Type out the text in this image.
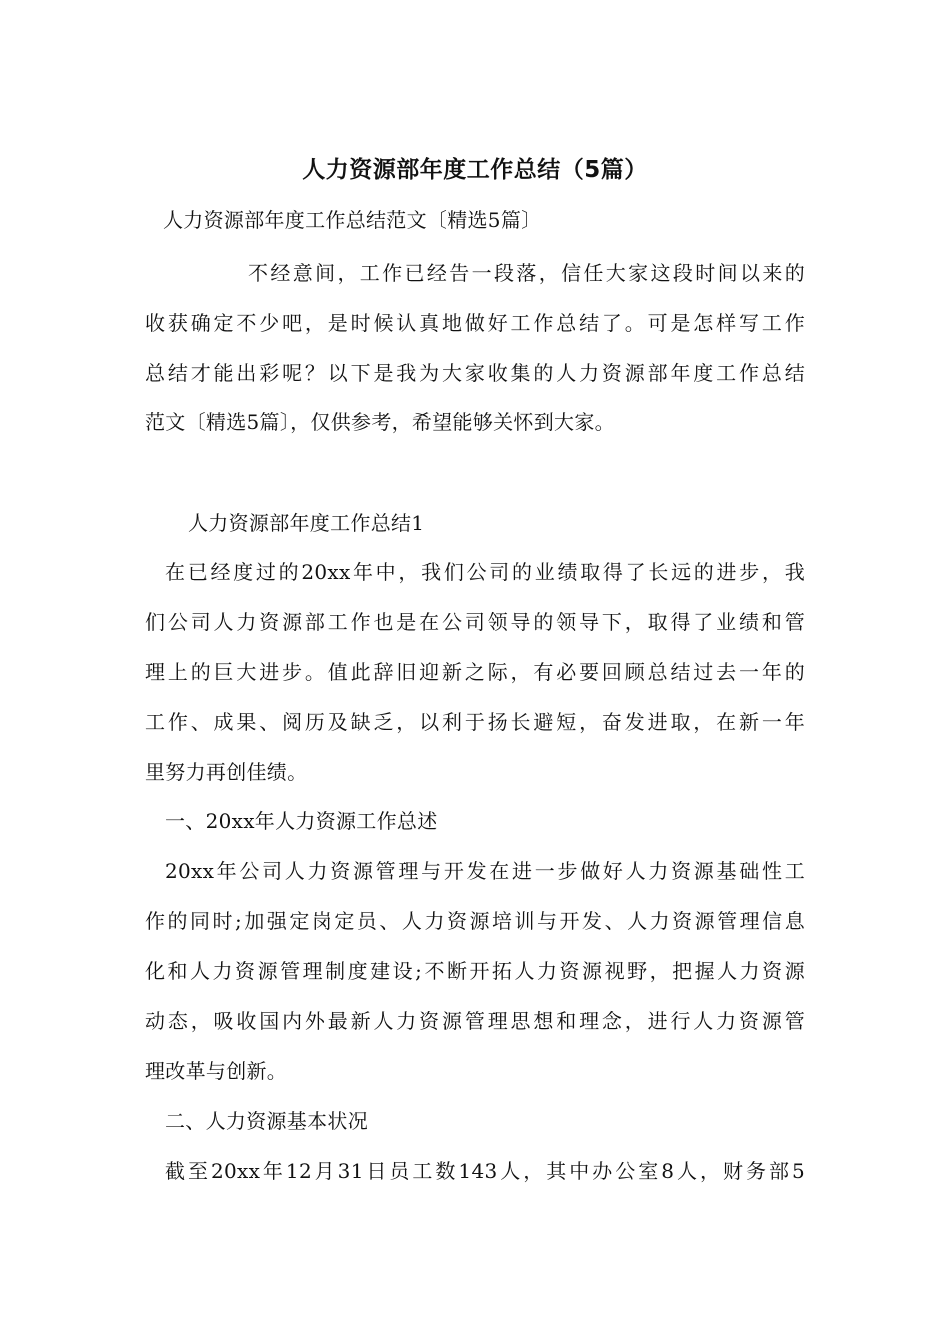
人力资源部年度工作总结（5篇）
人力资源部年度工作总结范文〔精选5篇〕
不经意间，工作已经告一段落，信任大家这段时间以来的
收获确定不少吧，是时候认真地做好工作总结了。可是怎样写工作
总结才能出彩呢？以下是我为大家收集的人力资源部年度工作总结
范文〔精选5篇〕，仅供参考，希望能够关怀到大家。
人力资源部年度工作总结1
在已经度过的20xx年中，我们公司的业绩取得了长远的进步，我
们公司人力资源部工作也是在公司领导的领导下，取得了业绩和管
理上的巨大进步。值此辞旧迎新之际，有必要回顾总结过去一年的
工作、成果、阅历及缺乏，以利于扬长避短，奋发进取，在新一年
里努力再创佳绩。
一、20xx年人力资源工作总述
20xx年公司人力资源管理与开发在进一步做好人力资源基础性工
作的同时;加强定岗定员、人力资源培训与开发、人力资源管理信息
化和人力资源管理制度建设;不断开拓人力资源视野，把握人力资源
动态，吸收国内外最新人力资源管理思想和理念，进行人力资源管
理改革与创新。
二、人力资源基本状况
截至20xx年12月31日员工数143人，其中办公室8人，财务部5
